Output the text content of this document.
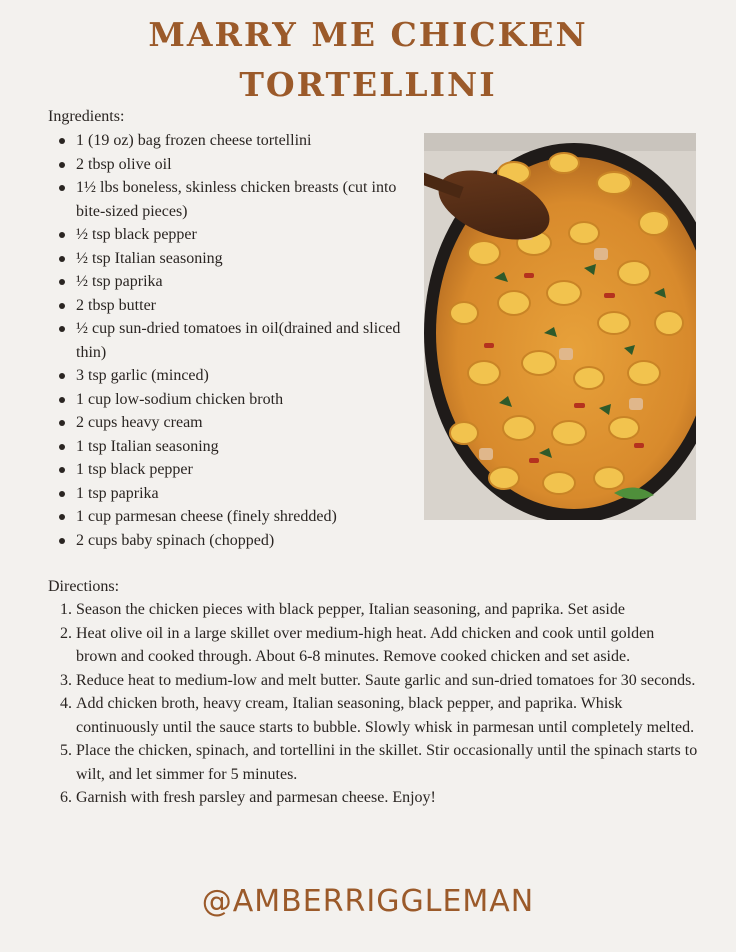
MARRY ME CHICKEN
TORTELLINI
Ingredients:
1 (19 oz) bag frozen cheese tortellini
2 tbsp olive oil
1½ lbs boneless, skinless chicken breasts (cut into bite-sized pieces)
½ tsp black pepper
½ tsp Italian seasoning
½ tsp paprika
2 tbsp butter
½ cup sun-dried tomatoes in oil(drained and sliced thin)
3 tsp garlic (minced)
1 cup low-sodium chicken broth
2 cups heavy cream
1 tsp Italian seasoning
1 tsp black pepper
1 tsp paprika
1 cup parmesan cheese (finely shredded)
2 cups baby spinach (chopped)
Directions:
1. Season the chicken pieces with black pepper, Italian seasoning, and paprika. Set aside
2. Heat olive oil in a large skillet over medium-high heat. Add chicken and cook until golden brown and cooked through. About 6-8 minutes. Remove cooked chicken and set aside.
3. Reduce heat to medium-low and melt butter. Saute garlic and sun-dried tomatoes for 30 seconds.
4. Add chicken broth, heavy cream, Italian seasoning, black pepper, and paprika. Whisk continuously until the sauce starts to bubble. Slowly whisk in parmesan until completely melted.
5. Place the chicken, spinach, and tortellini in the skillet. Stir occasionally until the spinach starts to wilt, and let simmer for 5 minutes.
6. Garnish with fresh parsley and parmesan cheese. Enjoy!
@AMBERRIGGLEMAN
